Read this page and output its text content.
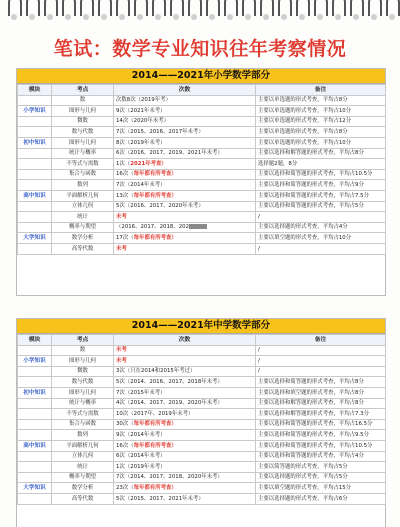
笔试：数学专业知识往年考察情况
2014——2021年小学数学部分
模块	考点	次数	备注
	数	次数8次（2019年考）	主要以单选题的形式考查，平均占8分
小学知识	图形与几何	9次（2021年未考）	主要以单选题的形式考查，平均占10分
	微数	14次（2020年未考）	主要以单选题的形式考查，平均占12分
	数与代数	7次（2015、2016、2017年未考）	主要以单选题的形式考查，平均占8分
初中知识	图形与几何	8次（2019年未考）	主要以单选题的形式考查，平均占10分
	统计与概率	6次（2016、2017、2019、2021年未考）	主要以选择和解答题的形式考查，平均占8分
	不等式与需数	1次（2021年考查）	选择题2题，8分
	集合与函数	16次（每年都有所考查）	主要以选择和简答题的形式考查，平均占10.5分
	数列	7次（2014年未考）	主要以选择和简答题的形式考查，平均占9分
高中知识	平面解析几何	13次（每年都有所考查）	主要以选择和简答题的形式考查，平均占7.5分
	立体几何	5次（2016、2017、2020年未考）	主要以选择和简答题的形式考查，平均占5分
	统计	未考	/
	概率与期望	（2016、2017、2018、202	主要以选择题的形式考查，平均占4分
大学知识	数学分析	17次（每年都有所考查）	主要以填空题的形式考查，平均占10分
	高等代数	未考	/
2014——2021年中学数学部分
模块	考点	次数	备注
	数	未考	/
小学知识	图形与几何	未考	/
	微数	3次（只在2014和2015年考过）	/
	数与代数	5次（2014、2016、2017、2018年未考）	主要以选择和简答题的形式考查，平均占8分
初中知识	图形与几何	7次（2015年未考）	主要以选择和填空题的形式考查，平均占8分
	统计与概率	4次（2014、2017、2019、2020年未考）	主要以选择和解答题的形式考查，平均占8分
	不等式与需数	10次（2017年、2019年未考）	主要以选择和解答题的形式考查，平均占7.3分
	集合与函数	30次（每年都有所考查）	主要以选择和简答题的形式考查，平均占16.5分
	数列	9次（2014年未考）	主要以选择和简答题的形式考查，平均占9.5分
高中知识	平面解析几何	16次（每年都有所考查）	主要以选择和简答题的形式考查，平均占10.5分
	立体几何	6次（2014年未考）	主要以选择和简答题的形式考查，平均占4分
	统计	1次（2019年未考）	主要以简答题的形式考查，平均占5分
	概率与期望	7次（2014、2017、2018、2020年未考）	主要以选择题的形式考查，平均占5分
大学知识	数学分析	23次（每年都有所考查）	主要以填空题的形式考查，平均占15分
	高等代数	5次（2015、2017、2021年未考）	主要以选择题的形式考查，平均占6分
